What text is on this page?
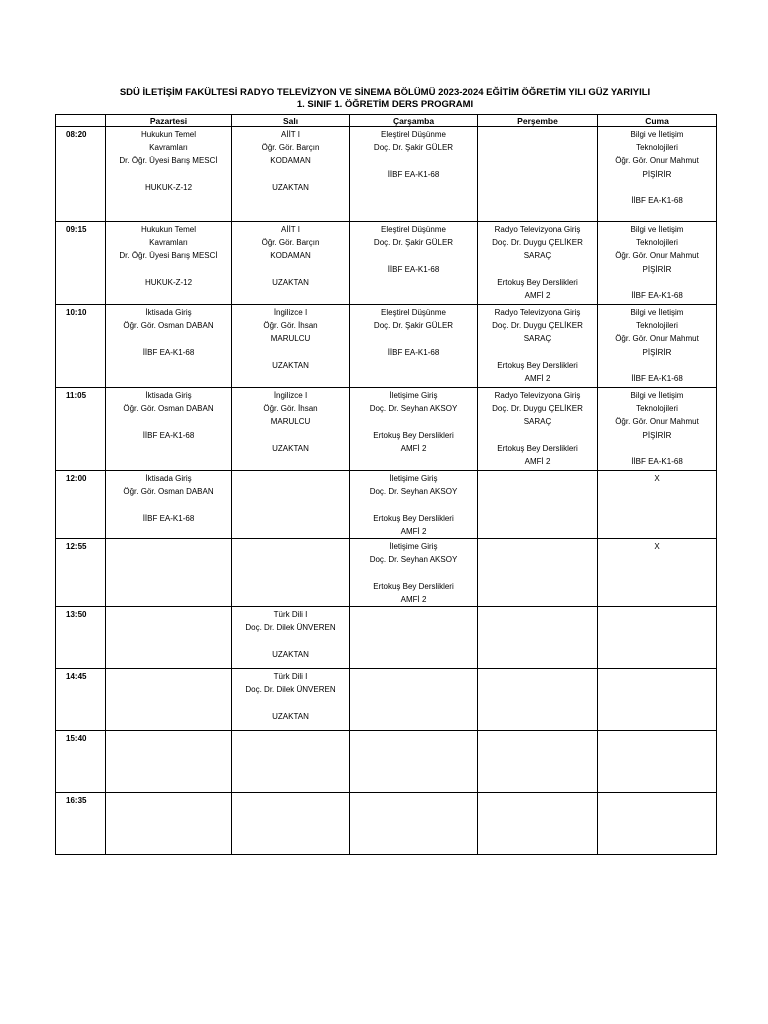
SDÜ İLETİŞİM FAKÜLTESİ RADYO TELEVİZYON VE SİNEMA BÖLÜMÜ 2023-2024 EĞİTİM ÖĞRETİM YILI GÜZ YARIYILI
1. SINIF 1. ÖĞRETİM DERS PROGRAMI
	Pazartesi	Salı	Çarşamba	Perşembe	Cuma
08:20	Hukukun Temel
Kavramları
Dr. Öğr. Üyesi Barış MESCİ

HUKUK-Z-12	AİİT I
Öğr. Gör. Barçın
KODAMAN

UZAKTAN	Eleştirel Düşünme
Doç. Dr. Şakir GÜLER

İİBF EA-K1-68		Bilgi ve İletişim
Teknolojileri
Öğr. Gör. Onur Mahmut
PİŞİRİR

İİBF EA-K1-68

09:15	Hukukun Temel
Kavramları
Dr. Öğr. Üyesi Barış MESCİ

HUKUK-Z-12	AİİT I
Öğr. Gör. Barçın
KODAMAN

UZAKTAN	Eleştirel Düşünme
Doç. Dr. Şakir GÜLER

İİBF EA-K1-68	Radyo Televizyona Giriş
Doç. Dr. Duygu ÇELİKER
SARAÇ

Ertokuş Bey Derslikleri
AMFİ 2	Bilgi ve İletişim
Teknolojileri
Öğr. Gör. Onur Mahmut
PİŞİRİR

İİBF EA-K1-68

10:10	İktisada Giriş
Öğr. Gör. Osman DABAN

İİBF EA-K1-68	İngilizce I
Öğr. Gör. İhsan
MARULCU

UZAKTAN	Eleştirel Düşünme
Doç. Dr. Şakir GÜLER

İİBF EA-K1-68	Radyo Televizyona Giriş
Doç. Dr. Duygu ÇELİKER
SARAÇ

Ertokuş Bey Derslikleri
AMFİ 2	Bilgi ve İletişim
Teknolojileri
Öğr. Gör. Onur Mahmut
PİŞİRİR

İİBF EA-K1-68

11:05	İktisada Giriş
Öğr. Gör. Osman DABAN

İİBF EA-K1-68	İngilizce I
Öğr. Gör. İhsan
MARULCU

UZAKTAN	İletişime Giriş
Doç. Dr. Seyhan AKSOY

Ertokuş Bey Derslikleri
AMFİ 2	Radyo Televizyona Giriş
Doç. Dr. Duygu ÇELİKER
SARAÇ

Ertokuş Bey Derslikleri
AMFİ 2	Bilgi ve İletişim
Teknolojileri
Öğr. Gör. Onur Mahmut
PİŞİRİR

İİBF EA-K1-68

12:00	İktisada Giriş
Öğr. Gör. Osman DABAN

İİBF EA-K1-68		İletişime Giriş
Doç. Dr. Seyhan AKSOY

Ertokuş Bey Derslikleri
AMFİ 2		X

12:55			İletişime Giriş
Doç. Dr. Seyhan AKSOY

Ertokuş Bey Derslikleri
AMFİ 2		X

13:50		Türk Dili I
Doç. Dr. Dilek ÜNVEREN

UZAKTAN			

14:45		Türk Dili I
Doç. Dr. Dilek ÜNVEREN

UZAKTAN			

15:40	

16:35	
